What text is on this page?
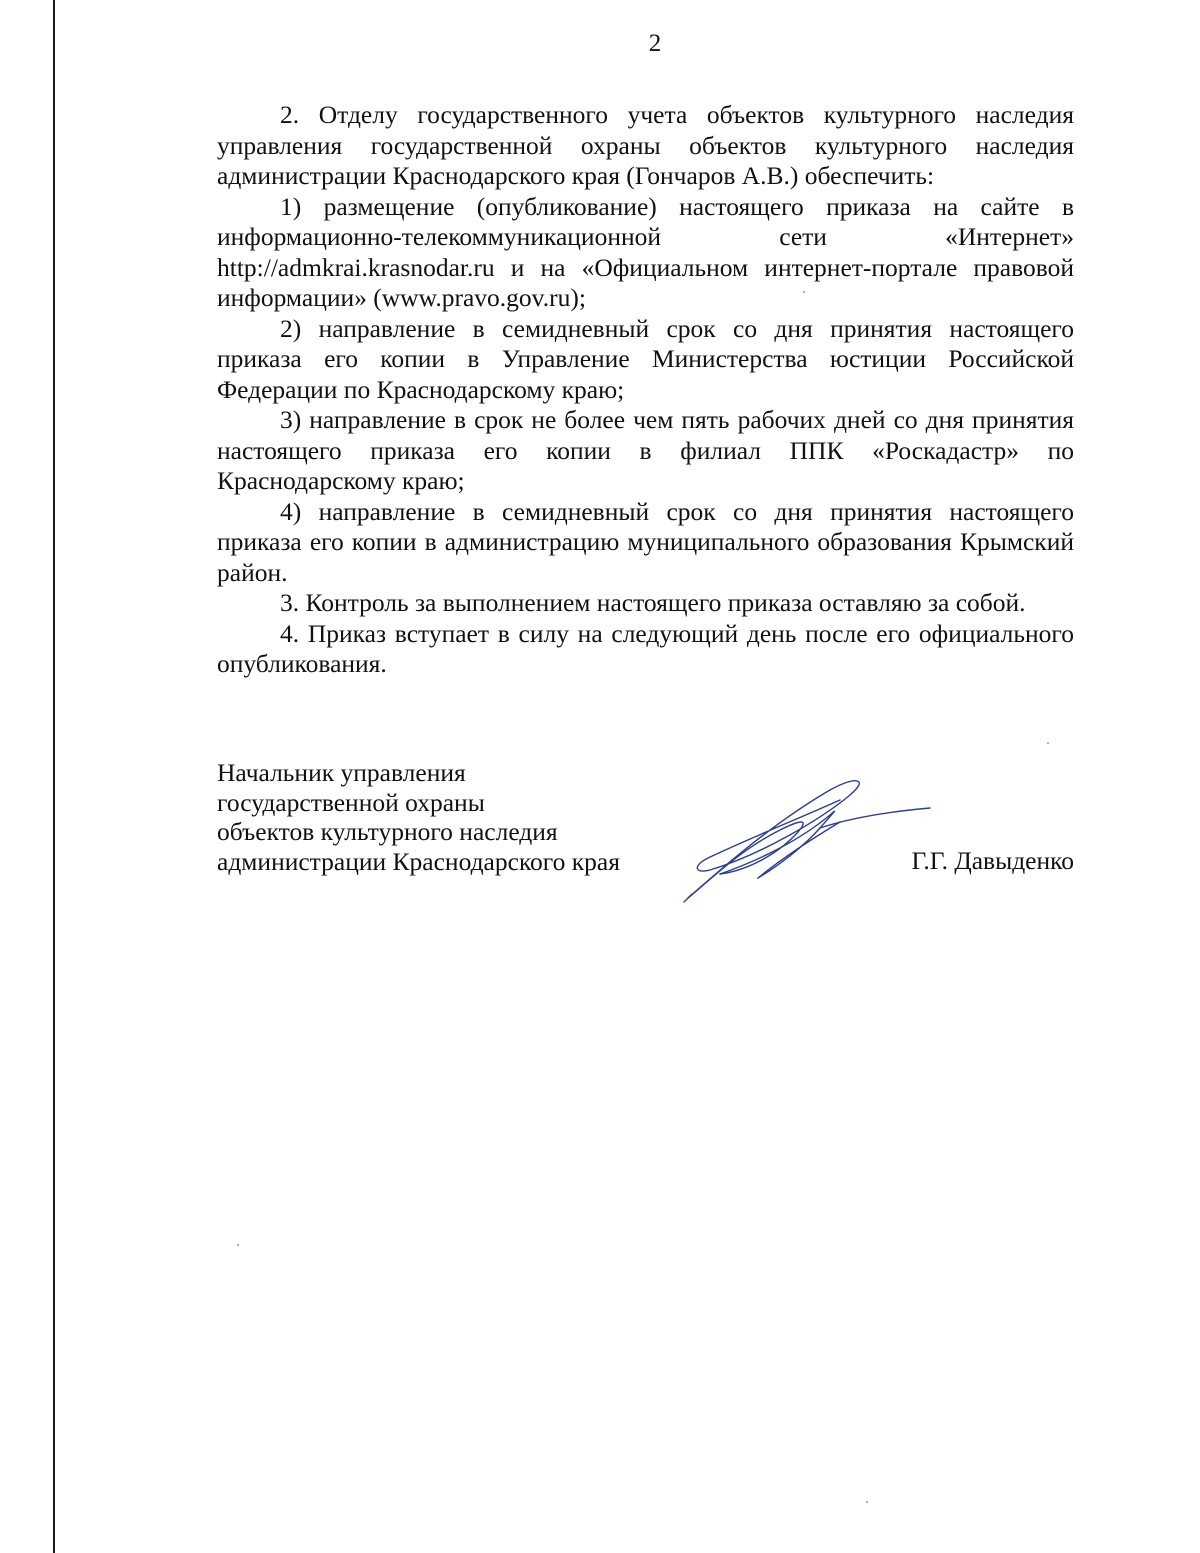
2

2. Отделу государственного учета объектов культурного наследия управления государственной охраны объектов культурного наследия администрации Краснодарского края (Гончаров А.В.) обеспечить:

1) размещение (опубликование) настоящего приказа на сайте в информационно-телекоммуникационной сети «Интернет» http://admkrai.krasnodar.ru и на «Официальном интернет-портале правовой информации» (www.pravo.gov.ru);

2) направление в семидневный срок со дня принятия настоящего приказа его копии в Управление Министерства юстиции Российской Федерации по Краснодарскому краю;

3) направление в срок не более чем пять рабочих дней со дня принятия настоящего приказа его копии в филиал ППК «Роскадастр» по Краснодарскому краю;

4) направление в семидневный срок со дня принятия настоящего приказа его копии в администрацию муниципального образования Крымский район.

3. Контроль за выполнением настоящего приказа оставляю за собой.

4. Приказ вступает в силу на следующий день после его официального опубликования.

Начальник управления
государственной охраны
объектов культурного наследия
администрации Краснодарского края	Г.Г. Давыденко
